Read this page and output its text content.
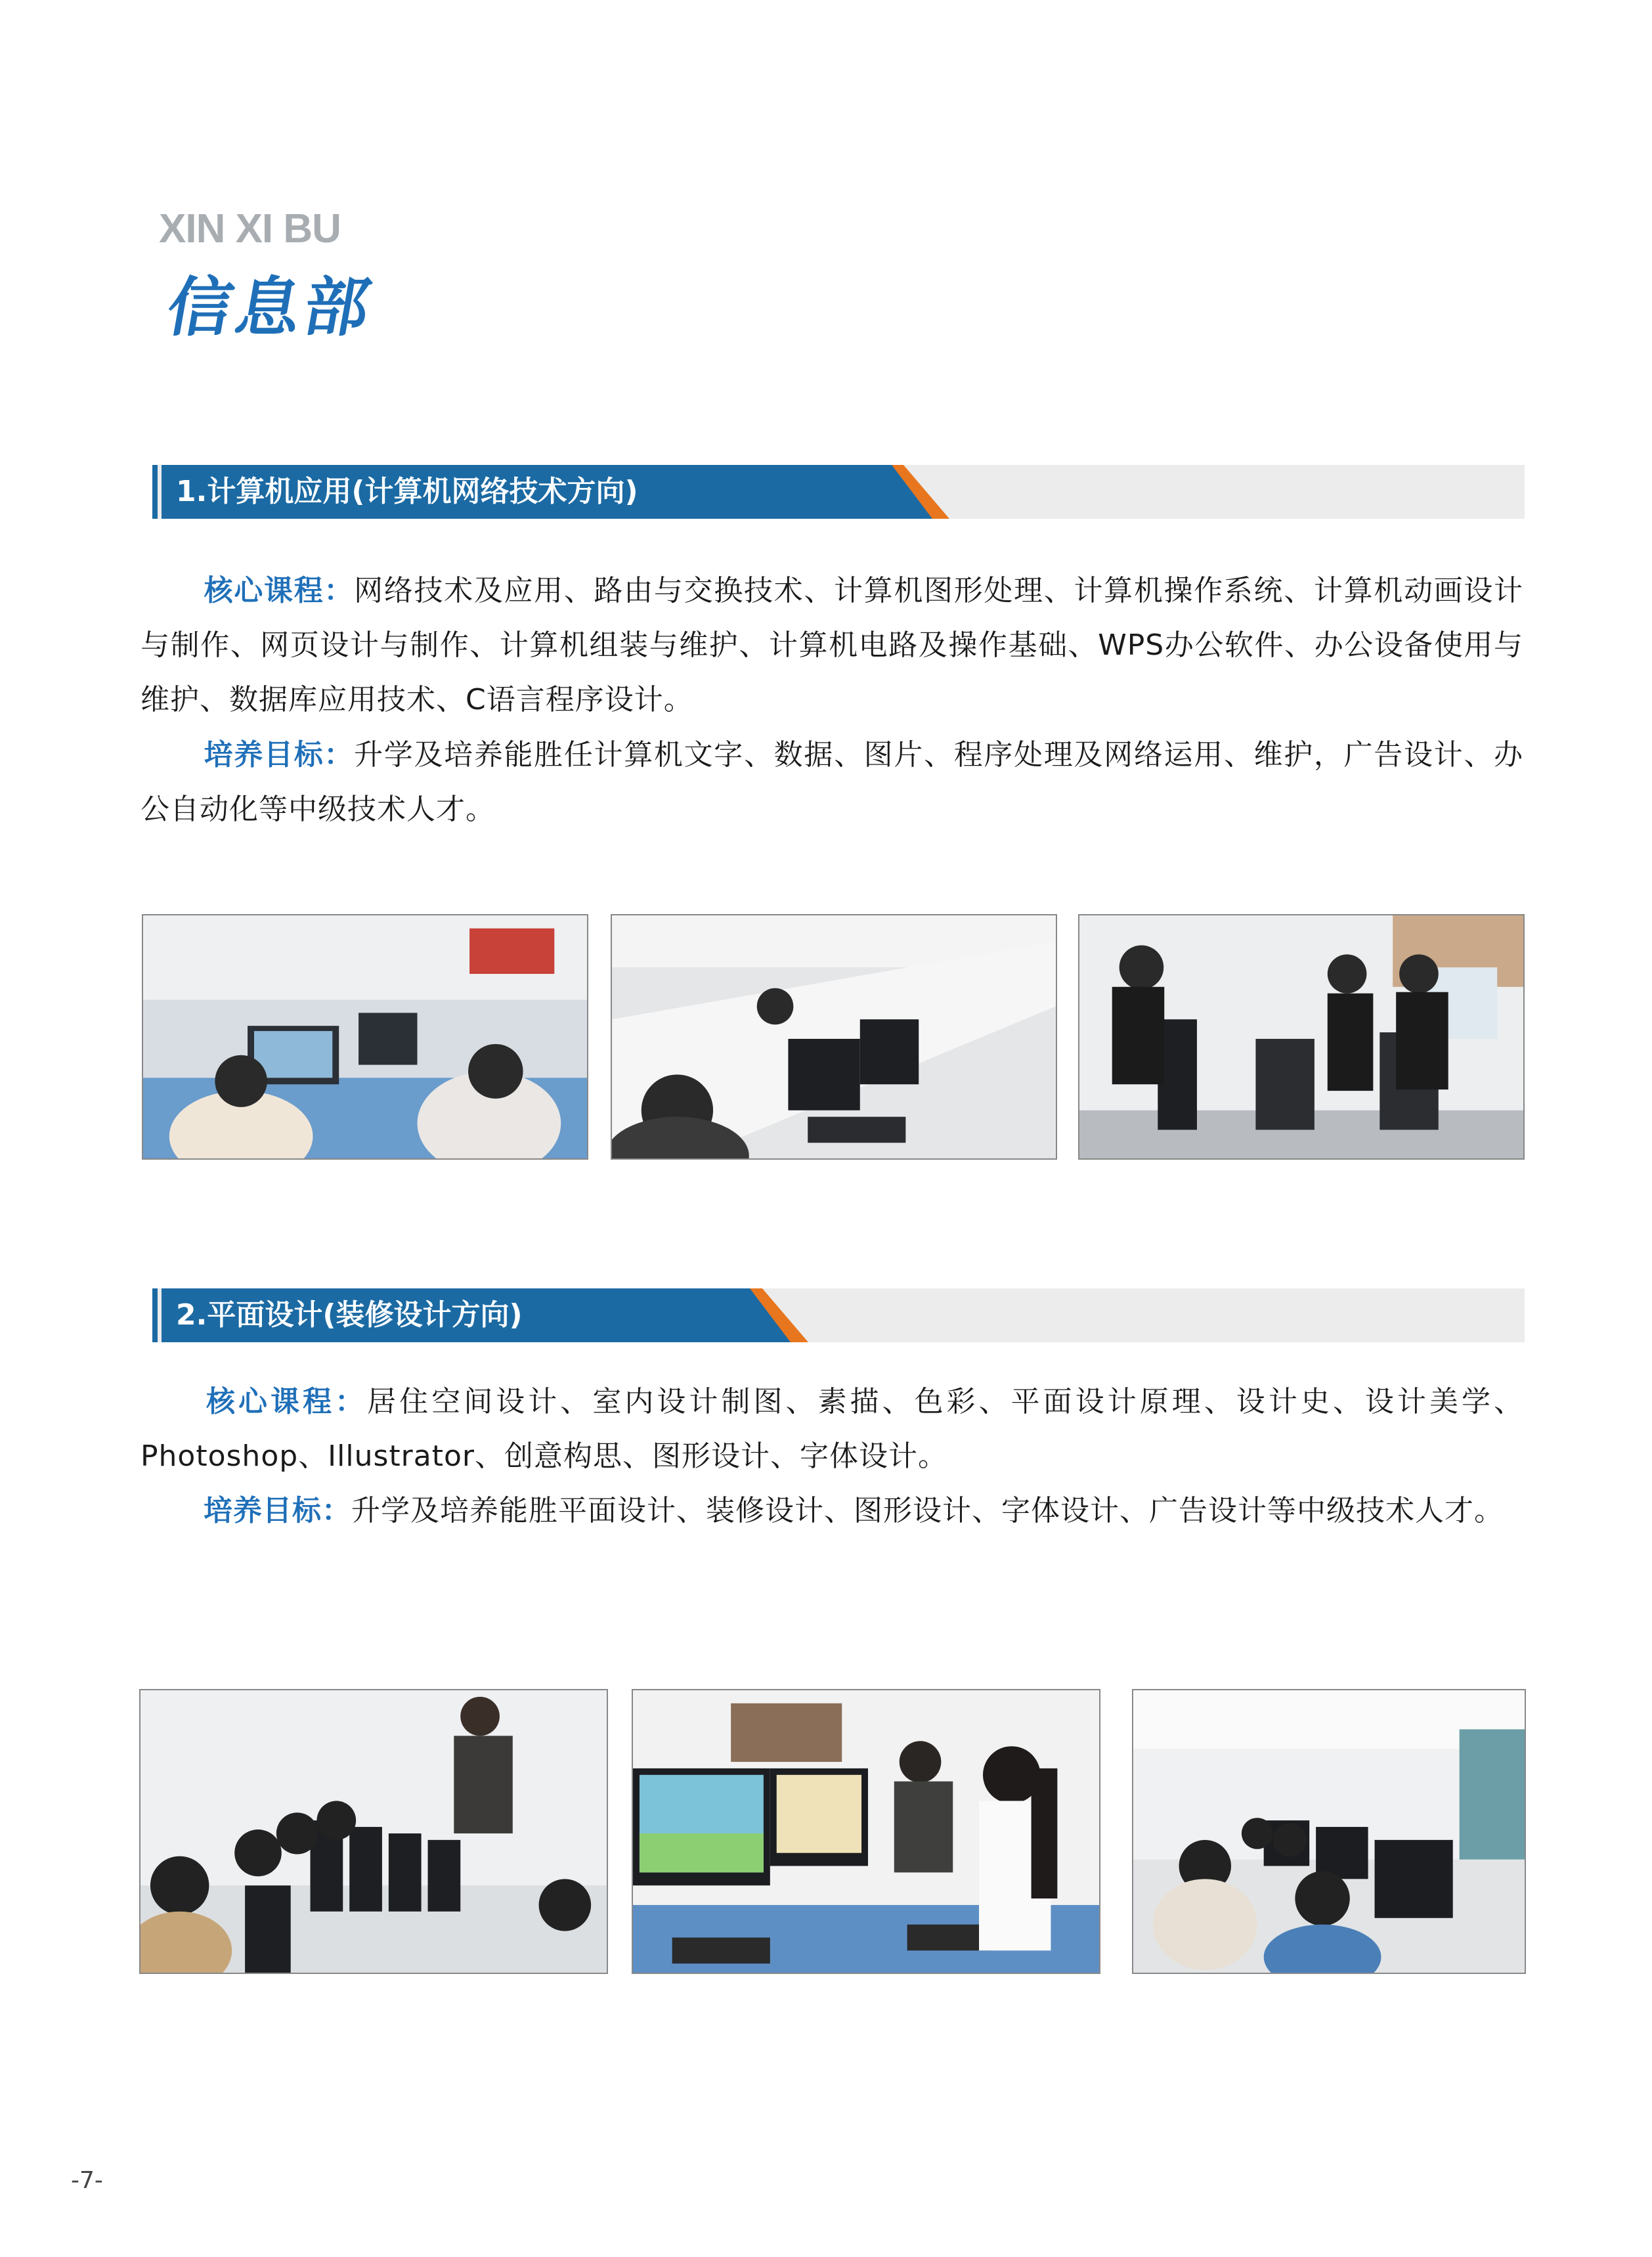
XIN XI BU
信息部
1.计算机应用(计算机网络技术方向)
核心课程：网络技术及应用、路由与交换技术、计算机图形处理、计算机操作系统、计算机动画设计与制作、网页设计与制作、计算机组装与维护、计算机电路及操作基础、WPS办公软件、办公设备使用与维护、数据库应用技术、C语言程序设计。
培养目标：升学及培养能胜任计算机文字、数据、图片、程序处理及网络运用、维护，广告设计、办公自动化等中级技术人才。
2.平面设计(装修设计方向)
核心课程：居住空间设计、室内设计制图、素描、色彩、平面设计原理、设计史、设计美学、Photoshop、Illustrator、创意构思、图形设计、字体设计。
培养目标：升学及培养能胜平面设计、装修设计、图形设计、字体设计、广告设计等中级技术人才。
-7-
